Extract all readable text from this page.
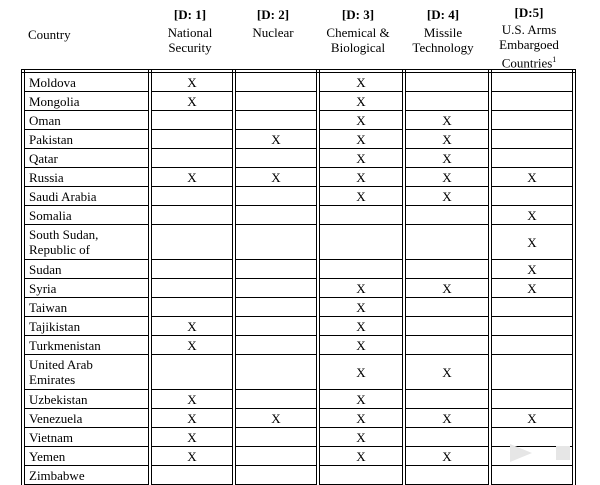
Country
[D: 1]
National
Security
[D: 2]
Nuclear
[D: 3]
Chemical &
Biological
[D: 4]
Missile
Technology
[D:5]
U.S. Arms
Embargoed
Countries$^1$
Moldova	X		X		
Mongolia	X		X		
Oman			X	X	
Pakistan		X	X	X	
Qatar			X	X	
Russia	X	X	X	X	X
Saudi Arabia			X	X	
Somalia					X

South Sudan,
Republic of					X
Sudan					X
Syria			X	X	X
Taiwan			X		
Tajikistan	X		X		
Turkmenistan	X		X		

United Arab
Emirates			X	X	
Uzbekistan	X		X		
Venezuela	X	X	X	X	X
Vietnam	X		X		
Yemen	X		X	X	
Zimbabwe					
